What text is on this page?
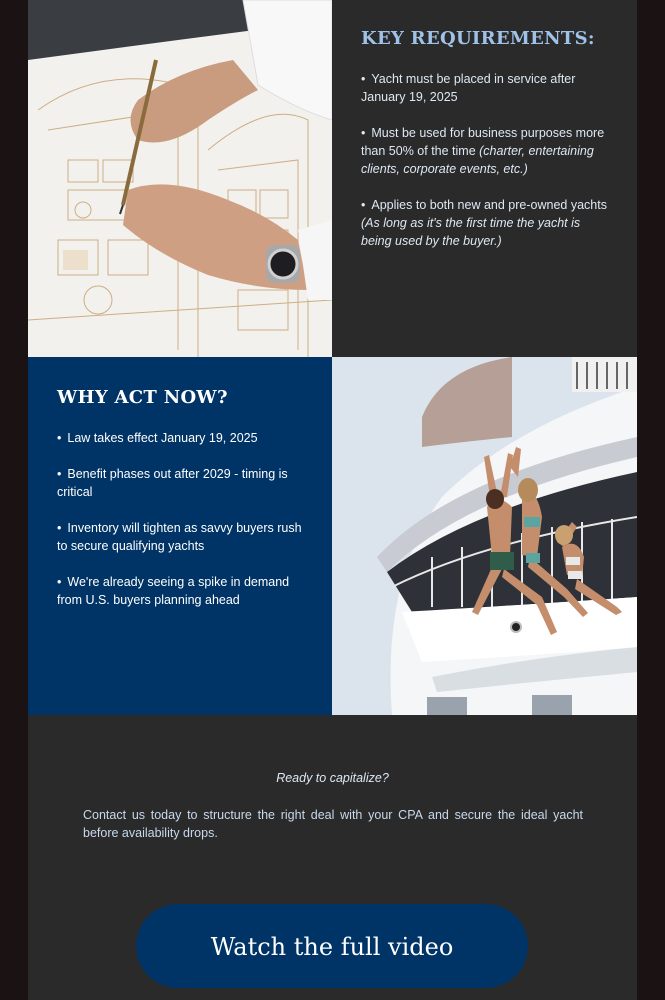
KEY REQUIREMENTS:
• Yacht must be placed in service after January 19, 2025
• Must be used for business purposes more than 50% of the time (charter, entertaining clients, corporate events, etc.)
• Applies to both new and pre-owned yachts (As long as it's the first time the yacht is being used by the buyer.)
WHY ACT NOW?
• Law takes effect January 19, 2025
• Benefit phases out after 2029 - timing is critical
• Inventory will tighten as savvy buyers rush to secure qualifying yachts
• We're already seeing a spike in demand from U.S. buyers planning ahead
Ready to capitalize?
Contact us today to structure the right deal with your CPA and secure the ideal yacht before availability drops.
Watch the full video
